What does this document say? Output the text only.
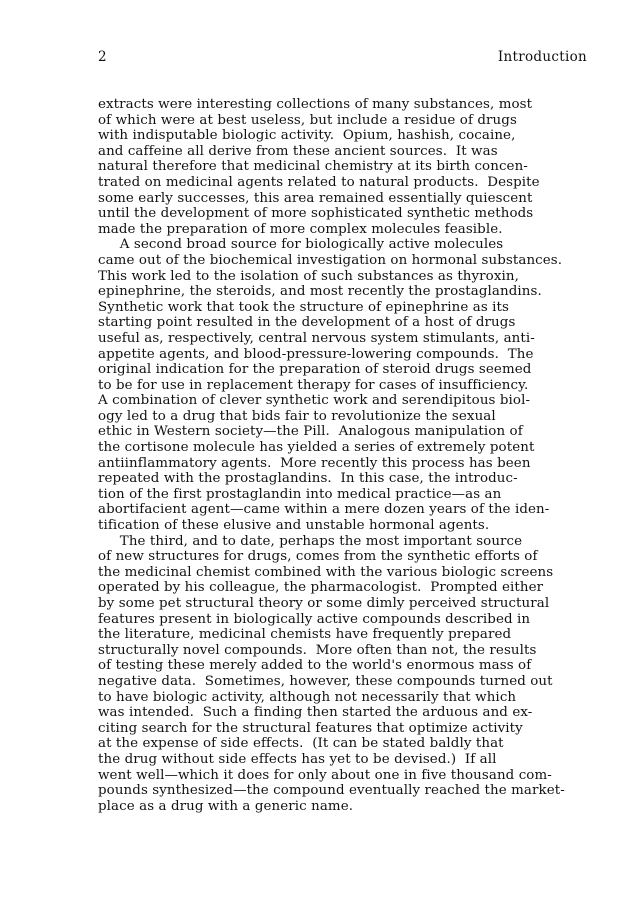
2	Introduction
extracts were interesting collections of many substances, most
of which were at best useless, but include a residue of drugs
with indisputable biologic activity.  Opium, hashish, cocaine,
and caffeine all derive from these ancient sources.  It was
natural therefore that medicinal chemistry at its birth concen-
trated on medicinal agents related to natural products.  Despite
some early successes, this area remained essentially quiescent
until the development of more sophisticated synthetic methods
made the preparation of more complex molecules feasible.
A second broad source for biologically active molecules
came out of the biochemical investigation on hormonal substances.
This work led to the isolation of such substances as thyroxin,
epinephrine, the steroids, and most recently the prostaglandins.
Synthetic work that took the structure of epinephrine as its
starting point resulted in the development of a host of drugs
useful as, respectively, central nervous system stimulants, anti-
appetite agents, and blood-pressure-lowering compounds.  The
original indication for the preparation of steroid drugs seemed
to be for use in replacement therapy for cases of insufficiency.
A combination of clever synthetic work and serendipitous biol-
ogy led to a drug that bids fair to revolutionize the sexual
ethic in Western society—the Pill.  Analogous manipulation of
the cortisone molecule has yielded a series of extremely potent
antiinflammatory agents.  More recently this process has been
repeated with the prostaglandins.  In this case, the introduc-
tion of the first prostaglandin into medical practice—as an
abortifacient agent—came within a mere dozen years of the iden-
tification of these elusive and unstable hormonal agents.
The third, and to date, perhaps the most important source
of new structures for drugs, comes from the synthetic efforts of
the medicinal chemist combined with the various biologic screens
operated by his colleague, the pharmacologist.  Prompted either
by some pet structural theory or some dimly perceived structural
features present in biologically active compounds described in
the literature, medicinal chemists have frequently prepared
structurally novel compounds.  More often than not, the results
of testing these merely added to the world's enormous mass of
negative data.  Sometimes, however, these compounds turned out
to have biologic activity, although not necessarily that which
was intended.  Such a finding then started the arduous and ex-
citing search for the structural features that optimize activity
at the expense of side effects.  (It can be stated baldly that
the drug without side effects has yet to be devised.)  If all
went well—which it does for only about one in five thousand com-
pounds synthesized—the compound eventually reached the market-
place as a drug with a generic name.
